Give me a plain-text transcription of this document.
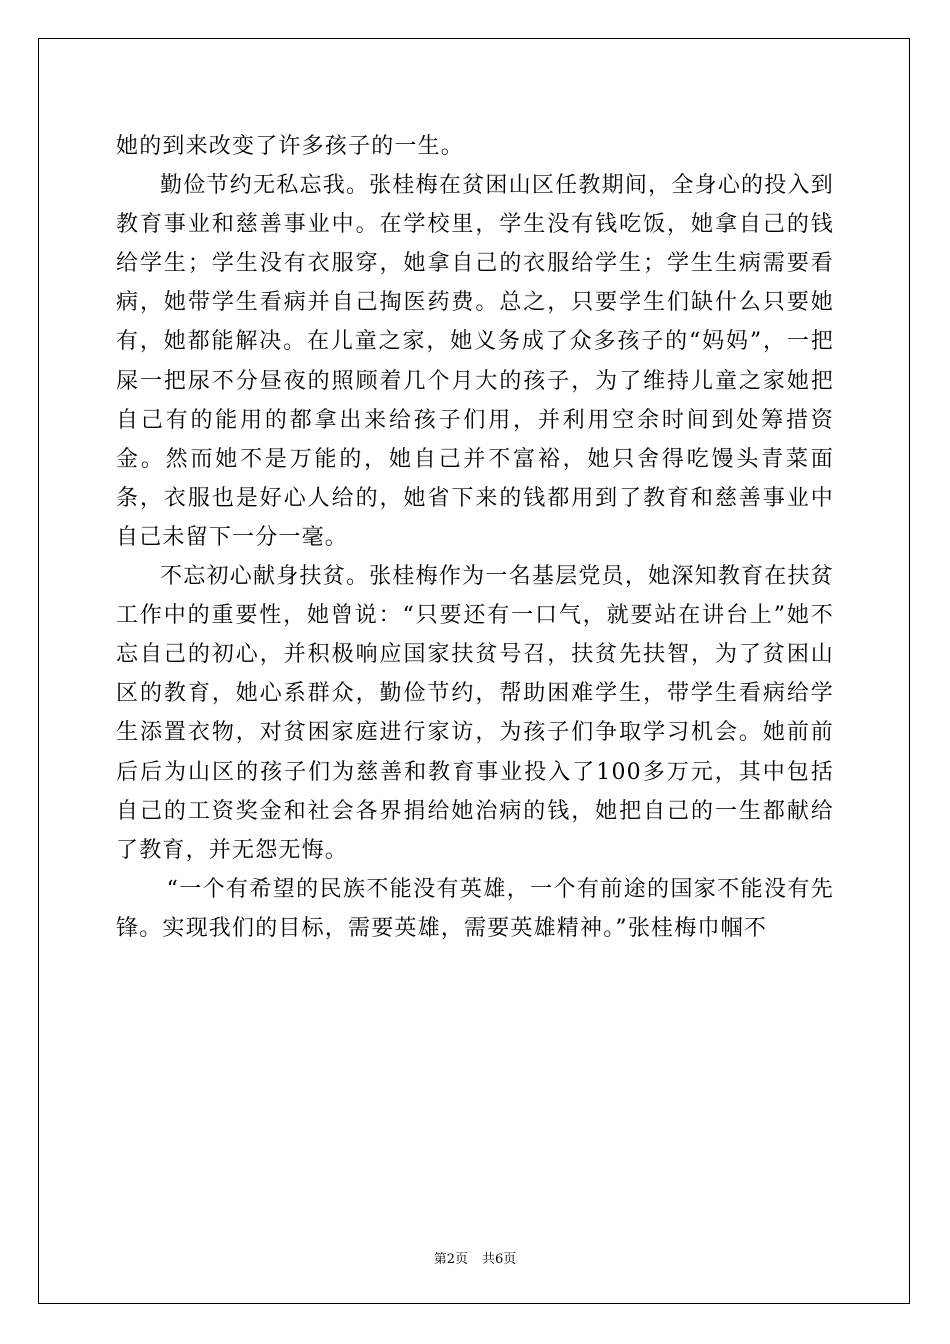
她的到来改变了许多孩子的一生。

勤俭节约无私忘我。张桂梅在贫困山区任教期间，全身心的投入到教育事业和慈善事业中。在学校里，学生没有钱吃饭，她拿自己的钱给学生；学生没有衣服穿，她拿自己的衣服给学生；学生生病需要看病，她带学生看病并自己掏医药费。总之，只要学生们缺什么只要她有，她都能解决。在儿童之家，她义务成了众多孩子的“妈妈”，一把屎一把尿不分昼夜的照顾着几个月大的孩子，为了维持儿童之家她把自己有的能用的都拿出来给孩子们用，并利用空余时间到处筹措资金。然而她不是万能的，她自己并不富裕，她只舍得吃馒头青菜面条，衣服也是好心人给的，她省下来的钱都用到了教育和慈善事业中自己未留下一分一毫。

不忘初心献身扶贫。张桂梅作为一名基层党员，她深知教育在扶贫工作中的重要性，她曾说：“只要还有一口气，就要站在讲台上”她不忘自己的初心，并积极响应国家扶贫号召，扶贫先扶智，为了贫困山区的教育，她心系群众，勤俭节约，帮助困难学生，带学生看病给学生添置衣物，对贫困家庭进行家访，为孩子们争取学习机会。她前前后后为山区的孩子们为慈善和教育事业投入了100多万元，其中包括自己的工资奖金和社会各界捐给她治病的钱，她把自己的一生都献给了教育，并无怨无悔。

“一个有希望的民族不能没有英雄，一个有前途的国家不能没有先锋。实现我们的目标，需要英雄，需要英雄精神。”张桂梅巾帼不

第2页 共6页
